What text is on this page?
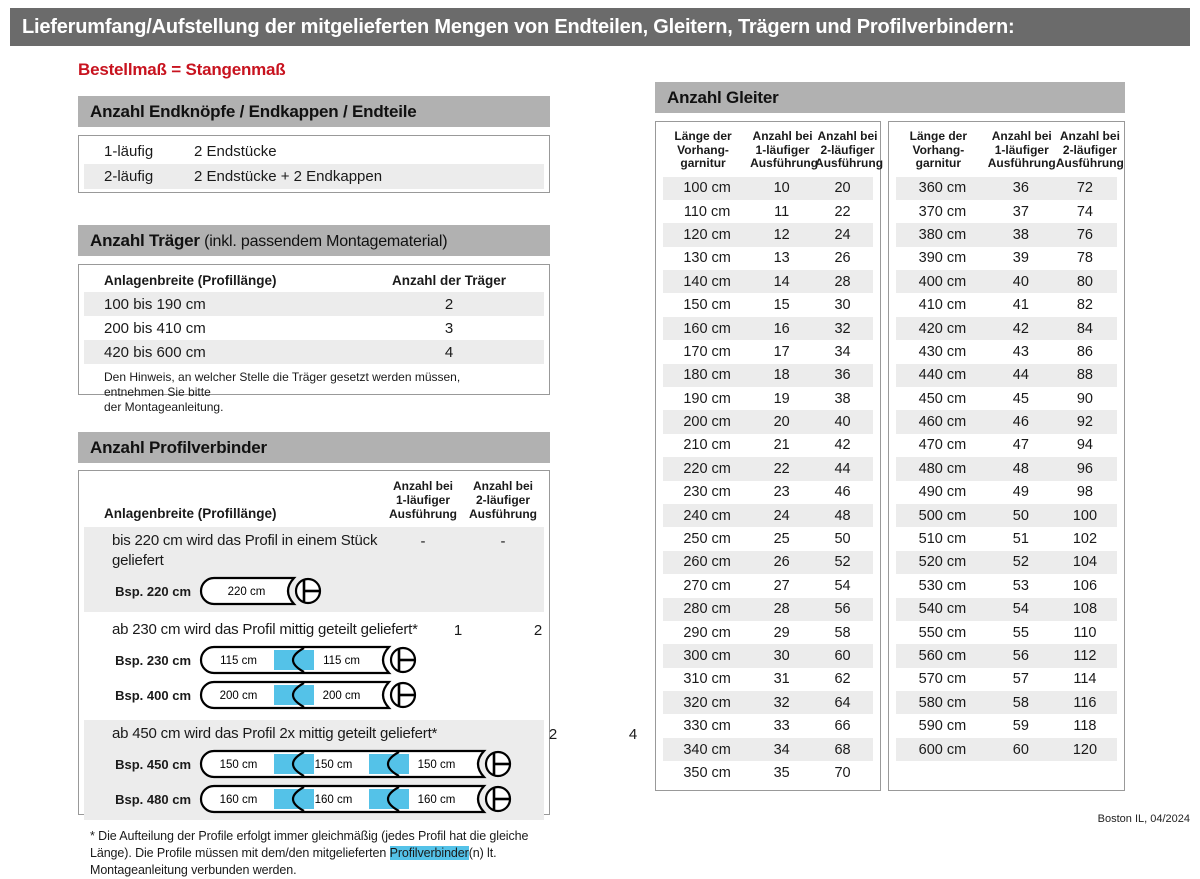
Lieferumfang/Aufstellung der mitgelieferten Mengen von Endteilen, Gleitern, Trägern und Profilverbindern:
Bestellmaß = Stangenmaß
Anzahl Endknöpfe / Endkappen / Endteile
1-läufig	2 Endstücke
2-läufig	2 Endstücke + 2 Endkappen
Anzahl Träger (inkl. passendem Montagematerial)
Anlagenbreite (Profillänge)	Anzahl der Träger
100 bis 190 cm	2
200 bis 410 cm	3
420 bis 600 cm	4
Den Hinweis, an welcher Stelle die Träger gesetzt werden müssen, entnehmen Sie bitte
der Montageanleitung.
Anzahl Profilverbinder
Anlagenbreite (Profillänge)
Anzahl bei
1-läufiger
Ausführung
Anzahl bei
2-läufiger
Ausführung
bis 220 cm wird das Profil in einem Stück geliefert
Bsp. 220 cm	220 cm
-	-
ab 230 cm wird das Profil mittig geteilt geliefert*
Bsp. 230 cm	115 cm	115 cm
Bsp. 400 cm	200 cm	200 cm
1	2
ab 450 cm wird das Profil 2x mittig geteilt geliefert*
Bsp. 450 cm	150 cm	150 cm	150 cm
Bsp. 480 cm	160 cm	160 cm	160 cm
2	4
* Die Aufteilung der Profile erfolgt immer gleichmäßig (jedes Profil hat die gleiche Länge). Die Profile müssen mit dem/den mitgelieferten Profilverbinder(n) lt. Montageanleitung verbunden werden.
Anzahl Gleiter
Länge der
Vorhang-
garnitur
Anzahl bei
1-läufiger
Ausführung
Anzahl bei
2-läufiger
Ausführung
100 cm	10	20
110 cm	11	22
120 cm	12	24
130 cm	13	26
140 cm	14	28
150 cm	15	30
160 cm	16	32
170 cm	17	34
180 cm	18	36
190 cm	19	38
200 cm	20	40
210 cm	21	42
220 cm	22	44
230 cm	23	46
240 cm	24	48
250 cm	25	50
260 cm	26	52
270 cm	27	54
280 cm	28	56
290 cm	29	58
300 cm	30	60
310 cm	31	62
320 cm	32	64
330 cm	33	66
340 cm	34	68
350 cm	35	70
Länge der
Vorhang-
garnitur
Anzahl bei
1-läufiger
Ausführung
Anzahl bei
2-läufiger
Ausführung
360 cm	36	72
370 cm	37	74
380 cm	38	76
390 cm	39	78
400 cm	40	80
410 cm	41	82
420 cm	42	84
430 cm	43	86
440 cm	44	88
450 cm	45	90
460 cm	46	92
470 cm	47	94
480 cm	48	96
490 cm	49	98
500 cm	50	100
510 cm	51	102
520 cm	52	104
530 cm	53	106
540 cm	54	108
550 cm	55	110
560 cm	56	112
570 cm	57	114
580 cm	58	116
590 cm	59	118
600 cm	60	120
Boston IL, 04/2024
